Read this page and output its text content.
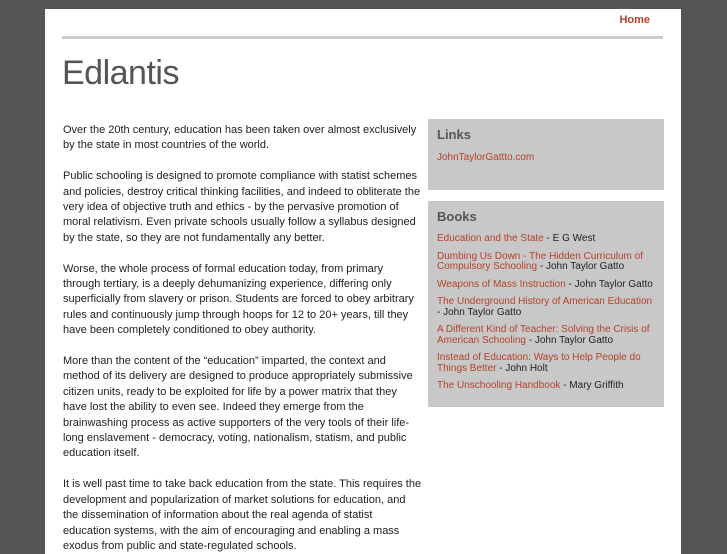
Home
Edlantis

Over the 20th century, education has been taken over almost exclusively by the state in most countries of the world.

Public schooling is designed to promote compliance with statist schemes and policies, destroy critical thinking facilities, and indeed to obliterate the very idea of objective truth and ethics - by the pervasive promotion of moral relativism. Even private schools usually follow a syllabus designed by the state, so they are not fundamentally any better.

Worse, the whole process of formal education today, from primary through tertiary, is a deeply dehumanizing experience, differing only superficially from slavery or prison. Students are forced to obey arbitrary rules and continuously jump through hoops for 12 to 20+ years, till they have been completely conditioned to obey authority.

More than the content of the “education” imparted, the context and method of its delivery are designed to produce appropriately submissive citizen units, ready to be exploited for life by a power matrix that they have lost the ability to even see. Indeed they emerge from the brainwashing process as active supporters of the very tools of their life-long enslavement - democracy, voting, nationalism, statism, and public education itself.

It is well past time to take back education from the state. This requires the development and popularization of market solutions for education, and the dissemination of information about the real agenda of statist education systems, with the aim of encouraging and enabling a mass exodus from public and state-regulated schools.

Links
JohnTaylorGattto.com
Books
Education and the State - E G West
Dumbing Us Down - The Hidden Curriculum of Compulsory Schooling - John Taylor Gatto
Weapons of Mass Instruction - John Taylor Gatto
The Underground History of American Education - John Taylor Gatto
A Different Kind of Teacher: Solving the Crisis of American Schooling - John Taylor Gatto
Instead of Education: Ways to Help People do Things Better - John Holt
The Unschooling Handbook - Mary Griffith
